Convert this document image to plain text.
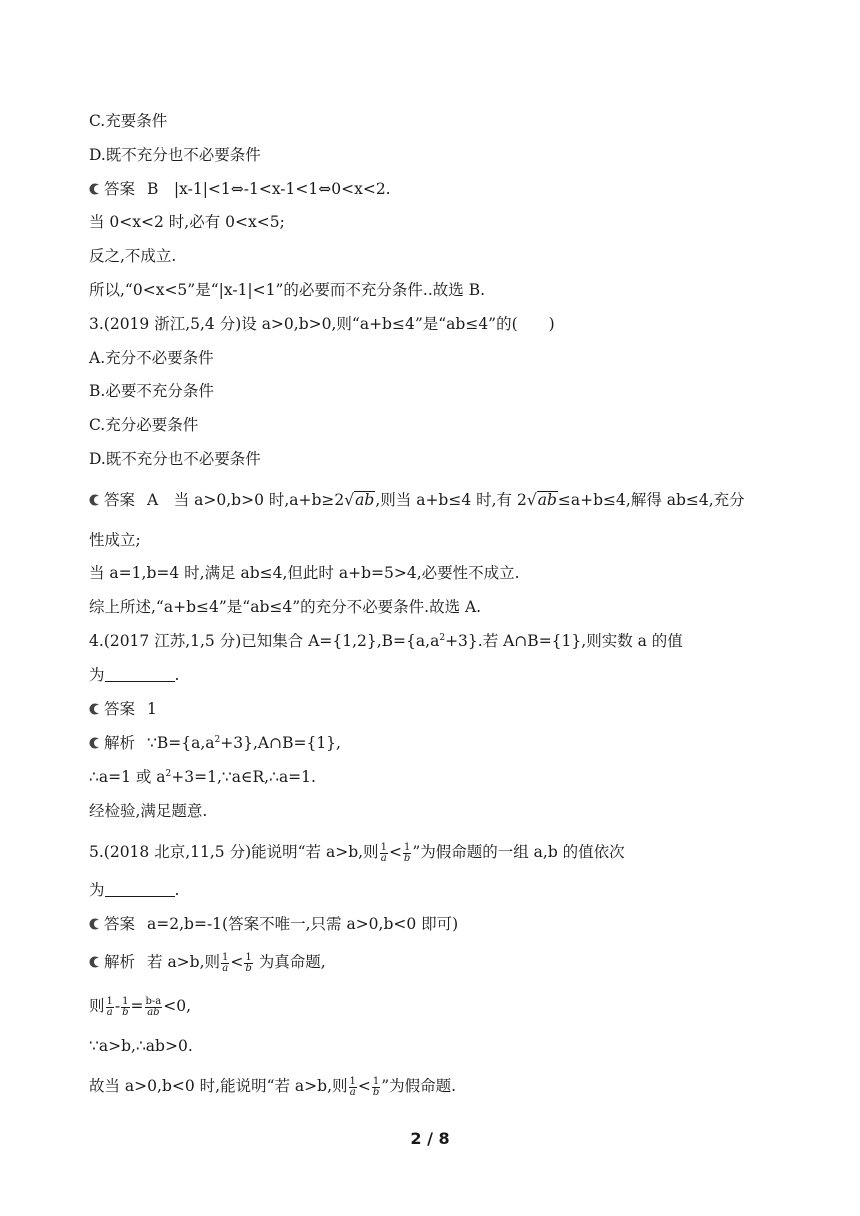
C.充要条件
D.既不充分也不必要条件
答案 B　|x-1|<1⇔-1<x-1<1⇔0<x<2.
当 0<x<2 时,必有 0<x<5;
反之,不成立.
所以,“0<x<5”是“|x-1|<1”的必要而不充分条件..故选 B.
3.(2019 浙江,5,4 分)设 a>0,b>0,则“a+b≤4”是“ab≤4”的(　　)
A.充分不必要条件
B.必要不充分条件
C.充分必要条件
D.既不充分也不必要条件
答案 A　当 a>0,b>0 时,a+b≥2√ab,则当 a+b≤4 时,有 2√ab≤a+b≤4,解得 ab≤4,充分
性成立;
当 a=1,b=4 时,满足 ab≤4,但此时 a+b=5>4,必要性不成立.
综上所述,“a+b≤4”是“ab≤4”的充分不必要条件.故选 A.
4.(2017 江苏,1,5 分)已知集合 $A=\{1,2\},B=\{a,a^2+3\}$.若 A∩B={1},则实数 a 的值
为	.
答案 1
解析 $\because B=\{a,a^2+3\},A\cap B=\{1\}$,
∴a=1 或 $a^2+3=1,\because a\in R,\therefore a=1$.
经检验,满足题意.
5.(2018 北京,11,5 分)能说明“若 a>b,则 $\frac{1}{a} < \frac{1}{b}$ ”为假命题的一组 a,b 的值依次
为	.
答案 a=2,b=-1(答案不唯一,只需 a>0,b<0 即可)
解析 若 a>b,则 $\frac{1}{a} < \frac{1}{b}$ 为真命题,
则 $\frac{1}{a} - \frac{1}{b} = \frac{b-a}{ab} <0$,
∵a>b,∴ab>0.
故当 a>0,b<0 时,能说明“若 a>b,则 $\frac{1}{a} < \frac{1}{b}$ ”为假命题.
2 / 8
